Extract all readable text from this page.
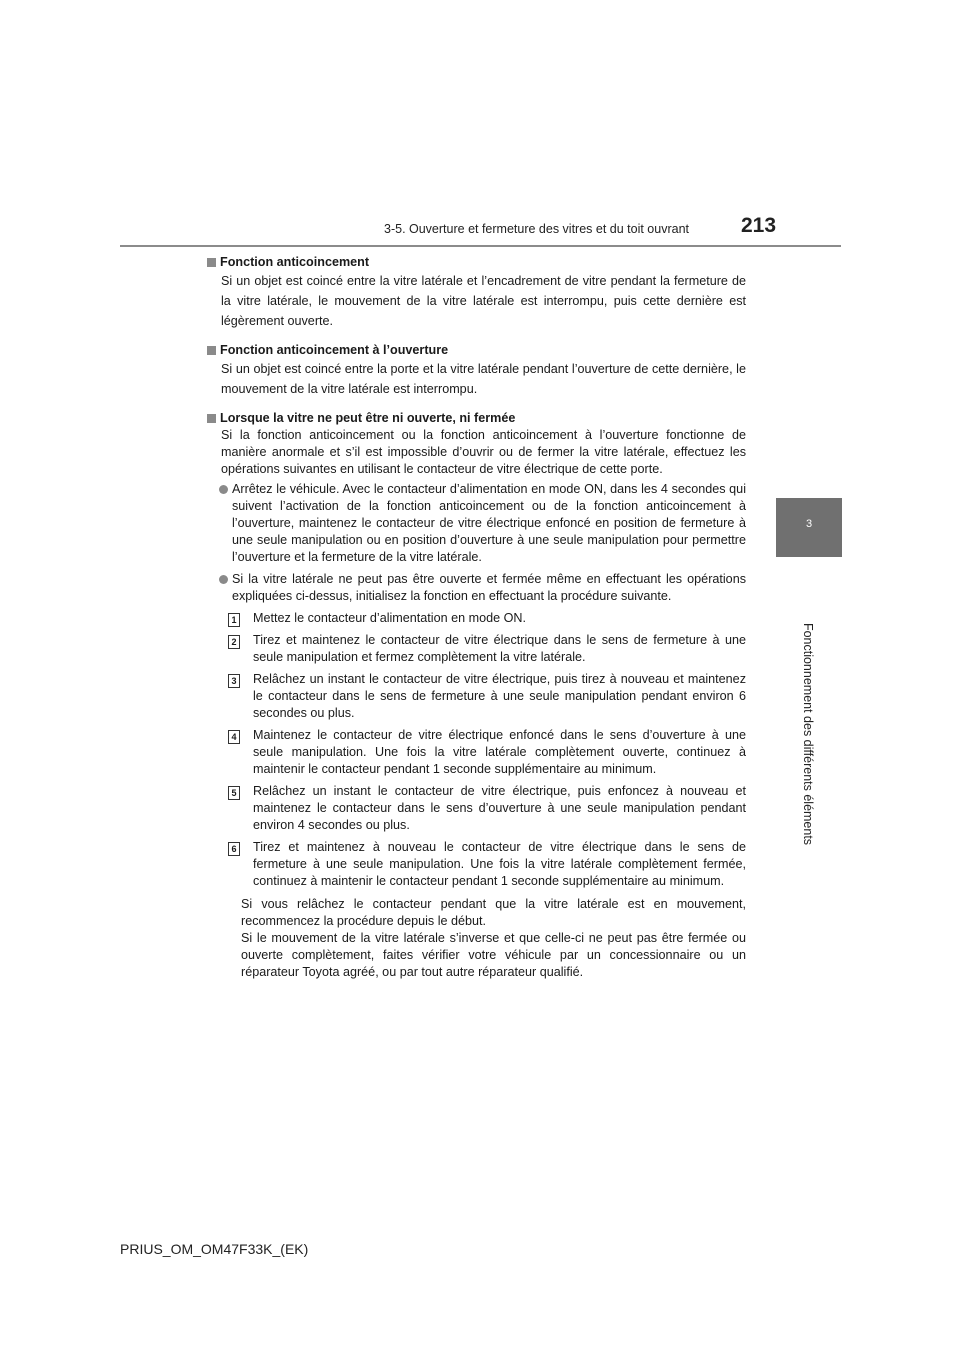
3-5. Ouverture et fermeture des vitres et du toit ouvrant 213
3
Fonctionnement des différents éléments
Fonction anticoincement

Si un objet est coincé entre la vitre latérale et l’encadrement de vitre pendant la fermeture de la vitre latérale, le mouvement de la vitre latérale est interrompu, puis cette dernière est légèrement ouverte.

Fonction anticoincement à l’ouverture

Si un objet est coincé entre la porte et la vitre latérale pendant l’ouverture de cette dernière, le mouvement de la vitre latérale est interrompu.

Lorsque la vitre ne peut être ni ouverte, ni fermée

Si la fonction anticoincement ou la fonction anticoincement à l’ouverture fonctionne de manière anormale et s’il est impossible d’ouvrir ou de fermer la vitre latérale, effectuez les opérations suivantes en utilisant le contacteur de vitre électrique de cette porte.

Arrêtez le véhicule. Avec le contacteur d’alimentation en mode ON, dans les 4 secondes qui suivent l’activation de la fonction anticoincement ou de la fonction anticoincement à l’ouverture, maintenez le contacteur de vitre électrique enfoncé en position de fermeture à une seule manipulation ou en position d’ouverture à une seule manipulation pour permettre l’ouverture et la fermeture de la vitre latérale.

Si la vitre latérale ne peut pas être ouverte et fermée même en effectuant les opérations expliquées ci-dessus, initialisez la fonction en effectuant la procédure suivante.

1 Mettez le contacteur d’alimentation en mode ON.

2 Tirez et maintenez le contacteur de vitre électrique dans le sens de fermeture à une seule manipulation et fermez complètement la vitre latérale.

3 Relâchez un instant le contacteur de vitre électrique, puis tirez à nouveau et maintenez le contacteur dans le sens de fermeture à une seule manipulation pendant environ 6 secondes ou plus.

4 Maintenez le contacteur de vitre électrique enfoncé dans le sens d’ouverture à une seule manipulation. Une fois la vitre latérale complètement ouverte, continuez à maintenir le contacteur pendant 1 seconde supplémentaire au minimum.

5 Relâchez un instant le contacteur de vitre électrique, puis enfoncez à nouveau et maintenez le contacteur dans le sens d’ouverture à une seule manipulation pendant environ 4 secondes ou plus.

6 Tirez et maintenez à nouveau le contacteur de vitre électrique dans le sens de fermeture à une seule manipulation. Une fois la vitre latérale complètement fermée, continuez à maintenir le contacteur pendant 1 seconde supplémentaire au minimum.

Si vous relâchez le contacteur pendant que la vitre latérale est en mouvement, recommencez la procédure depuis le début.

Si le mouvement de la vitre latérale s’inverse et que celle-ci ne peut pas être fermée ou ouverte complètement, faites vérifier votre véhicule par un concessionnaire ou un réparateur Toyota agréé, ou par tout autre réparateur qualifié.

PRIUS_OM_OM47F33K_(EK)
